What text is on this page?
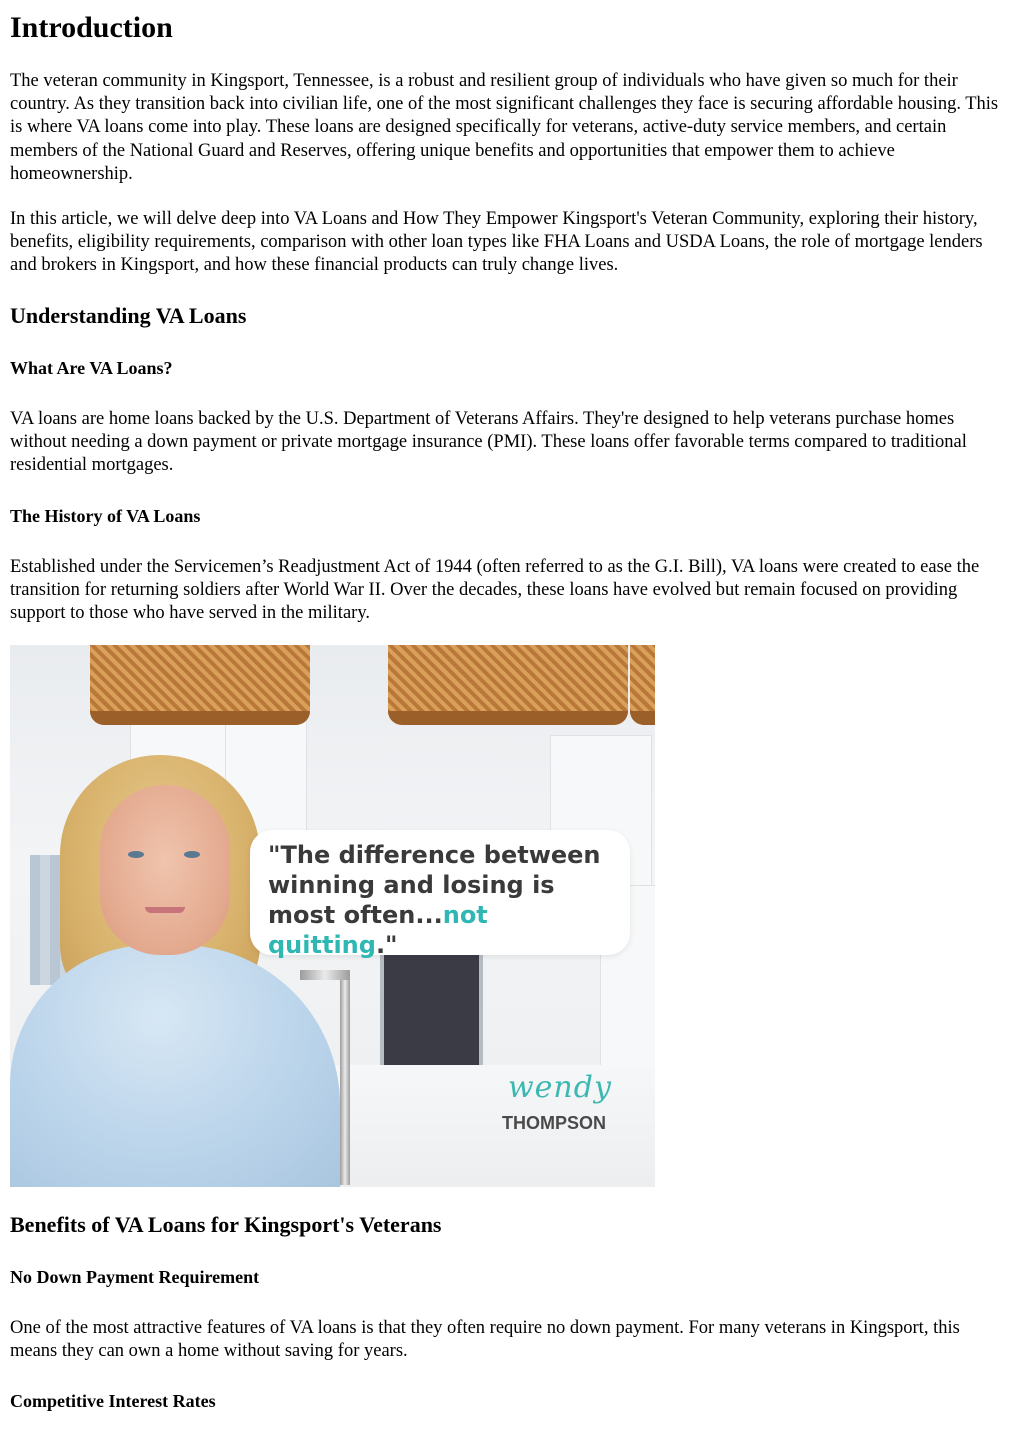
Introduction

The veteran community in Kingsport, Tennessee, is a robust and resilient group of individuals who have given so much for their country. As they transition back into civilian life, one of the most significant challenges they face is securing affordable housing. This is where VA loans come into play. These loans are designed specifically for veterans, active-duty service members, and certain members of the National Guard and Reserves, offering unique benefits and opportunities that empower them to achieve homeownership.

In this article, we will delve deep into VA Loans and How They Empower Kingsport's Veteran Community, exploring their history, benefits, eligibility requirements, comparison with other loan types like FHA Loans and USDA Loans, the role of mortgage lenders and brokers in Kingsport, and how these financial products can truly change lives.

Understanding VA Loans
What Are VA Loans?

VA loans are home loans backed by the U.S. Department of Veterans Affairs. They're designed to help veterans purchase homes without needing a down payment or private mortgage insurance (PMI). These loans offer favorable terms compared to traditional residential mortgages.

The History of VA Loans

Established under the Servicemen’s Readjustment Act of 1944 (often referred to as the G.I. Bill), VA loans were created to ease the transition for returning soldiers after World War II. Over the decades, these loans have evolved but remain focused on providing support to those who have served in the military.

"The difference between winning and losing is most often...not quitting."
wendy
THOMPSON
Benefits of VA Loans for Kingsport's Veterans
No Down Payment Requirement

One of the most attractive features of VA loans is that they often require no down payment. For many veterans in Kingsport, this means they can own a home without saving for years.

Competitive Interest Rates
